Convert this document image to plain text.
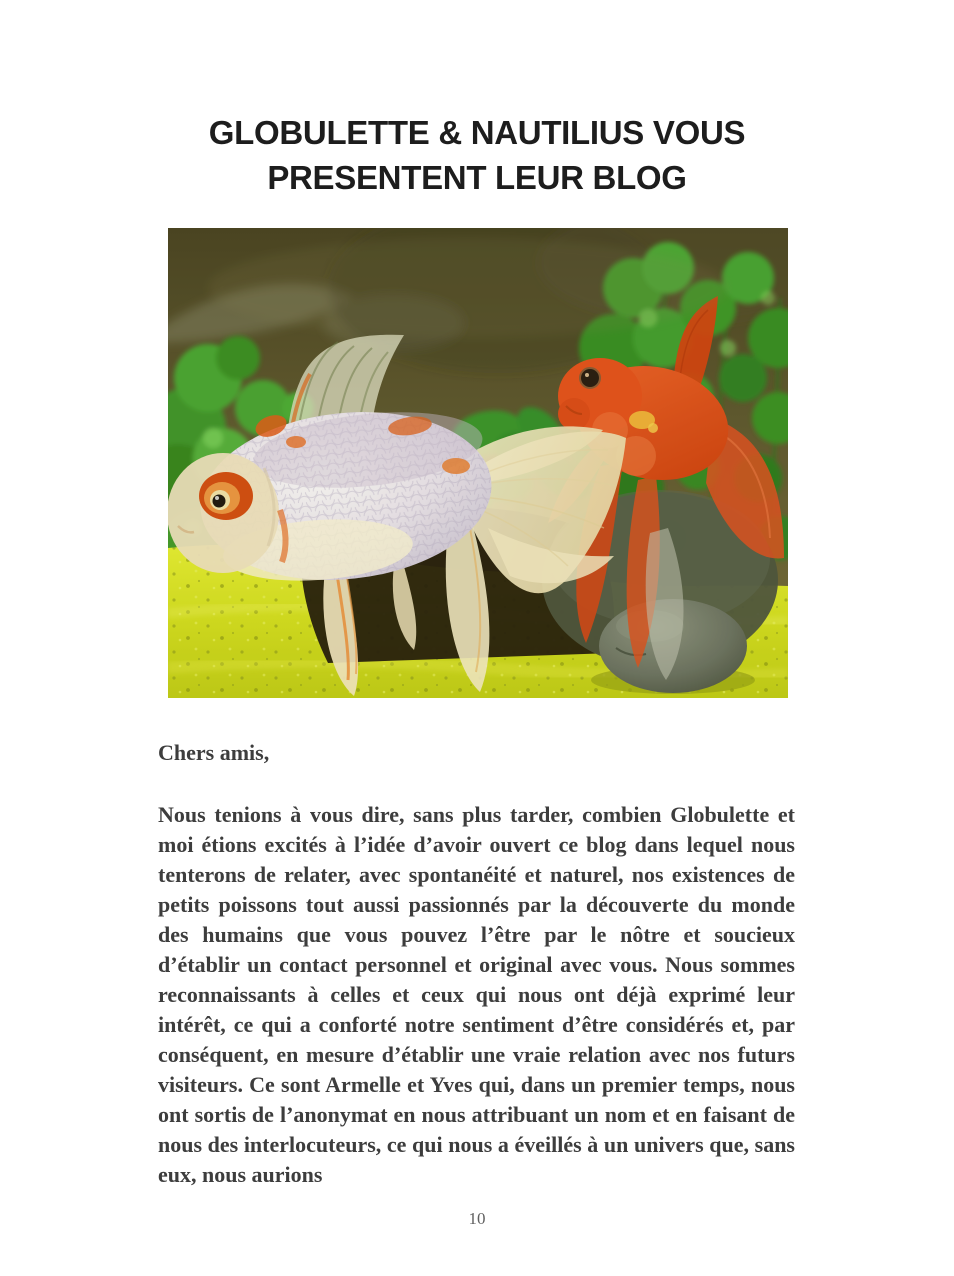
GLOBULETTE & NAUTILIUS VOUS
PRESENTENT LEUR BLOG

Chers amis,

Nous tenions à vous dire, sans plus tarder, combien Globulette et moi étions excités à l’idée d’avoir ouvert ce blog dans lequel nous tenterons de relater, avec spontanéité et naturel, nos existences de petits poissons tout aussi passionnés par la découverte du monde des humains que vous pouvez l’être par le nôtre et soucieux d’établir un contact personnel et original avec vous. Nous sommes reconnaissants à celles et ceux qui nous ont déjà exprimé leur intérêt, ce qui a conforté notre sentiment d’être considérés et, par conséquent, en mesure d’établir une vraie relation avec nos futurs visiteurs. Ce sont Armelle et Yves qui, dans un premier temps, nous ont sortis de l’anonymat en nous attribuant un nom et en faisant de nous des interlocuteurs, ce qui nous a éveillés à un univers que, sans eux, nous aurions

10
